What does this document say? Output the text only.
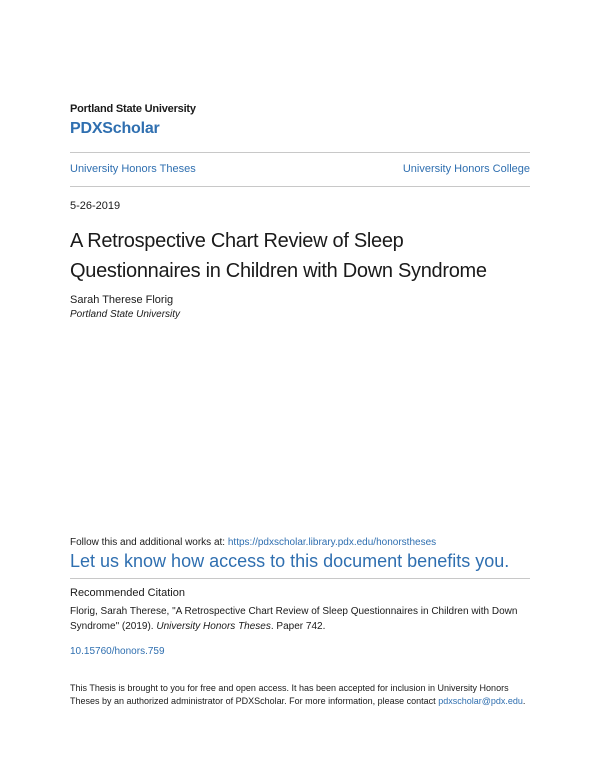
Portland State University
PDXScholar
University Honors Theses	University Honors College
5-26-2019
A Retrospective Chart Review of Sleep
Questionnaires in Children with Down Syndrome
Sarah Therese Florig
Portland State University
Follow this and additional works at: https://pdxscholar.library.pdx.edu/honorstheses
Let us know how access to this document benefits you.
Recommended Citation
Florig, Sarah Therese, "A Retrospective Chart Review of Sleep Questionnaires in Children with Down Syndrome" (2019). University Honors Theses. Paper 742.
10.15760/honors.759
This Thesis is brought to you for free and open access. It has been accepted for inclusion in University Honors Theses by an authorized administrator of PDXScholar. For more information, please contact pdxscholar@pdx.edu.
